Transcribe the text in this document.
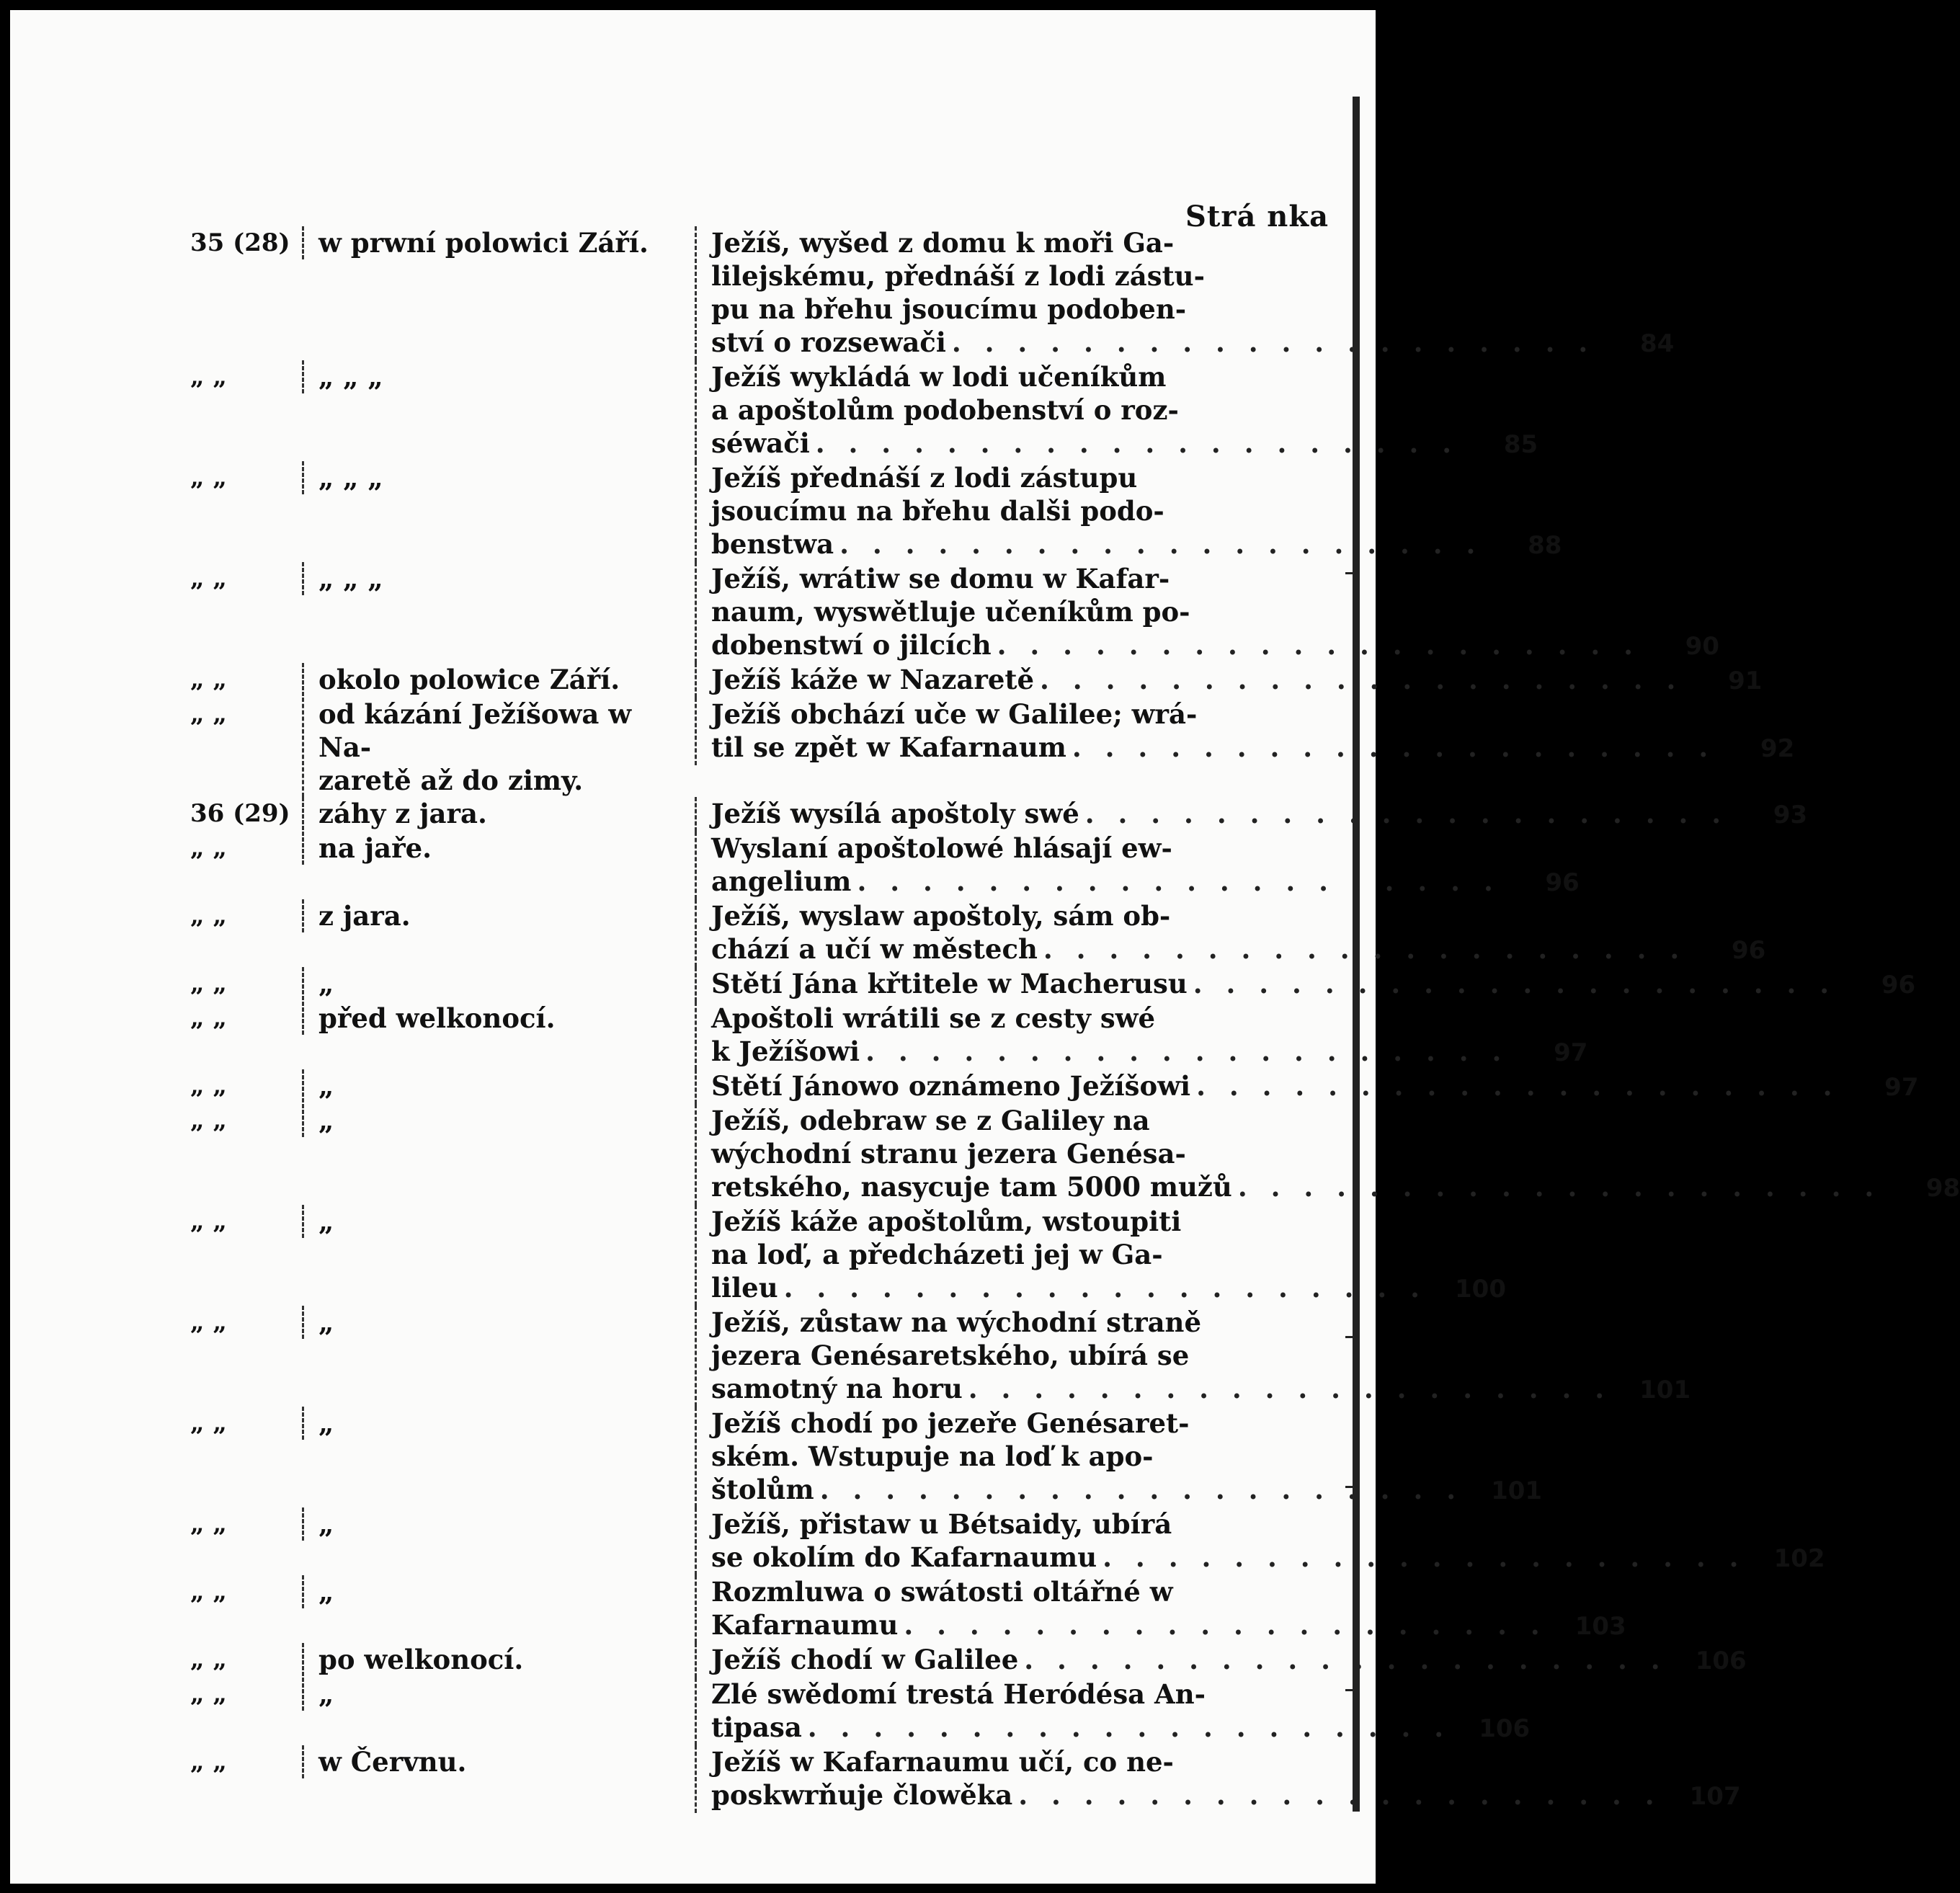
Strá nka
35 (28)	w prwní polowici Září.	Ježíš, wyšed z domu k moři Ga-
lilejskému, přednáší z lodi zástu-
pu na břehu jsoucímu podoben-
ství o rozsewači . . . . . . . . . . . . . . . . . . . .	84
„ „	„ „ „	Ježíš wykládá w lodi učeníkům
a apoštolům podobenství o roz-
séwači . . . . . . . . . . . . . . . . . . . .	85
„ „	„ „ „	Ježíš přednáší z lodi zástupu
jsoucímu na břehu dalši podo-
benstwa . . . . . . . . . . . . . . . . . . . .	88
„ „	„ „ „	Ježíš, wrátiw se domu w Kafar-
naum, wyswětluje učeníkům po-
dobenstwí o jilcích . . . . . . . . . . . . . . . . . . . .	90
„ „	okolo polowice Září.	Ježíš káže w Nazaretě . . . . . . . . . . . . . . . . . . . .	91
„ „	od kázání Ježíšowa w Na-
zaretě až do zimy.
Ježíš obchází uče w Galilee; wrá-
til se zpět w Kafarnaum . . . . . . . . . . . . . . . . . . . .	92
36 (29)	záhy z jara.	Ježíš wysílá apoštoly swé . . . . . . . . . . . . . . . . . . . .	93
„ „	na jaře.	Wyslaní apoštolowé hlásají ew-
angelium . . . . . . . . . . . . . . . . . . . .	96
„ „	z jara.	Ježíš, wyslaw apoštoly, sám ob-
chází a učí w městech . . . . . . . . . . . . . . . . . . . .	96
„ „	„	Stětí Jána křtitele w Macherusu . . . . . . . . . . . . . . . . . . . .	96
„ „	před welkonocí.	Apoštoli wrátili se z cesty swé
k Ježíšowi . . . . . . . . . . . . . . . . . . . .	97
„ „	„	Stětí Jánowo oznámeno Ježíšowi . . . . . . . . . . . . . . . . . . . .	97
„ „	„	Ježíš, odebraw se z Galiley na
wýchodní stranu jezera Genésa-
retského, nasycuje tam 5000 mužů . . . . . . . . . . . . . . . . . . . .	98
„ „	„	Ježíš káže apoštolům, wstoupiti
na loď, a předcházeti jej w Ga-
lileu . . . . . . . . . . . . . . . . . . . .	100
„ „	„	Ježíš, zůstaw na wýchodní straně
jezera Genésaretského, ubírá se
samotný na horu . . . . . . . . . . . . . . . . . . . .	101
„ „	„	Ježíš chodí po jezeře Genésaret-
ském. Wstupuje na loď k apo-
štolům . . . . . . . . . . . . . . . . . . . .	101
„ „	„	Ježíš, přistaw u Bétsaidy, ubírá
se okolím do Kafarnaumu . . . . . . . . . . . . . . . . . . . .	102
„ „	„	Rozmluwa o swátosti oltářné w
Kafarnaumu . . . . . . . . . . . . . . . . . . . .	103
„ „	po welkonocí.	Ježíš chodí w Galilee . . . . . . . . . . . . . . . . . . . .	106
„ „	„	Zlé swědomí trestá Heródésa An-
tipasa . . . . . . . . . . . . . . . . . . . .	106
„ „	w Červnu.	Ježíš w Kafarnaumu učí, co ne-
poskwrňuje člowěka . . . . . . . . . . . . . . . . . . . .	107
